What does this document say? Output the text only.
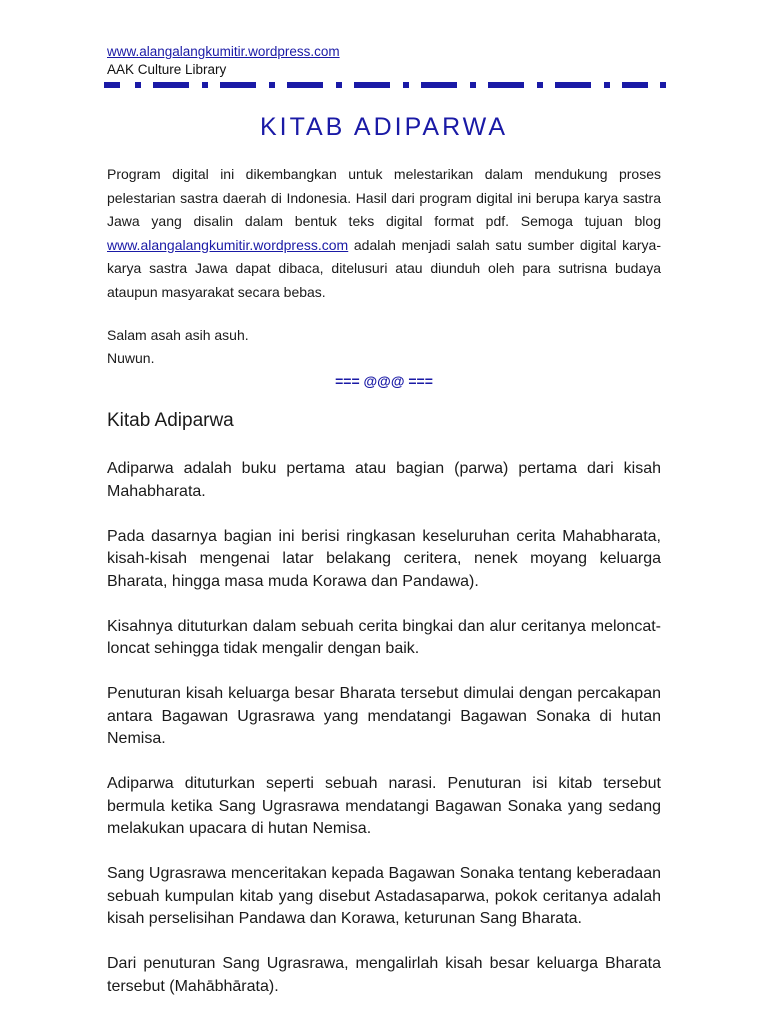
www.alangalangkumitir.wordpress.com
AAK Culture Library
KITAB ADIPARWA

Program digital ini dikembangkan untuk melestarikan dalam mendukung proses pelestarian sastra daerah di Indonesia. Hasil dari program digital ini berupa karya sastra Jawa yang disalin dalam bentuk teks digital format pdf. Semoga tujuan blog www.alangalangkumitir.wordpress.com adalah menjadi salah satu sumber digital karya-karya sastra Jawa dapat dibaca, ditelusuri atau diunduh oleh para sutrisna budaya ataupun masyarakat secara bebas.

Salam asah asih asuh.
Nuwun.
=== @@@ ===
Kitab Adiparwa

Adiparwa adalah buku pertama atau bagian (parwa) pertama dari kisah Mahabharata.

Pada dasarnya bagian ini berisi ringkasan keseluruhan cerita Mahabharata, kisah-kisah mengenai latar belakang ceritera, nenek moyang keluarga Bharata, hingga masa muda Korawa dan Pandawa).

Kisahnya dituturkan dalam sebuah cerita bingkai dan alur ceritanya meloncat-loncat sehingga tidak mengalir dengan baik.

Penuturan kisah keluarga besar Bharata tersebut dimulai dengan percakapan antara Bagawan Ugrasrawa yang mendatangi Bagawan Sonaka di hutan Nemisa.

Adiparwa dituturkan seperti sebuah narasi. Penuturan isi kitab tersebut bermula ketika Sang Ugrasrawa mendatangi Bagawan Sonaka yang sedang melakukan upacara di hutan Nemisa.

Sang Ugrasrawa menceritakan kepada Bagawan Sonaka tentang keberadaan sebuah kumpulan kitab yang disebut Astadasaparwa, pokok ceritanya adalah kisah perselisihan Pandawa dan Korawa, keturunan Sang Bharata.

Dari penuturan Sang Ugrasrawa, mengalirlah kisah besar keluarga Bharata tersebut (Mahābhārata).
